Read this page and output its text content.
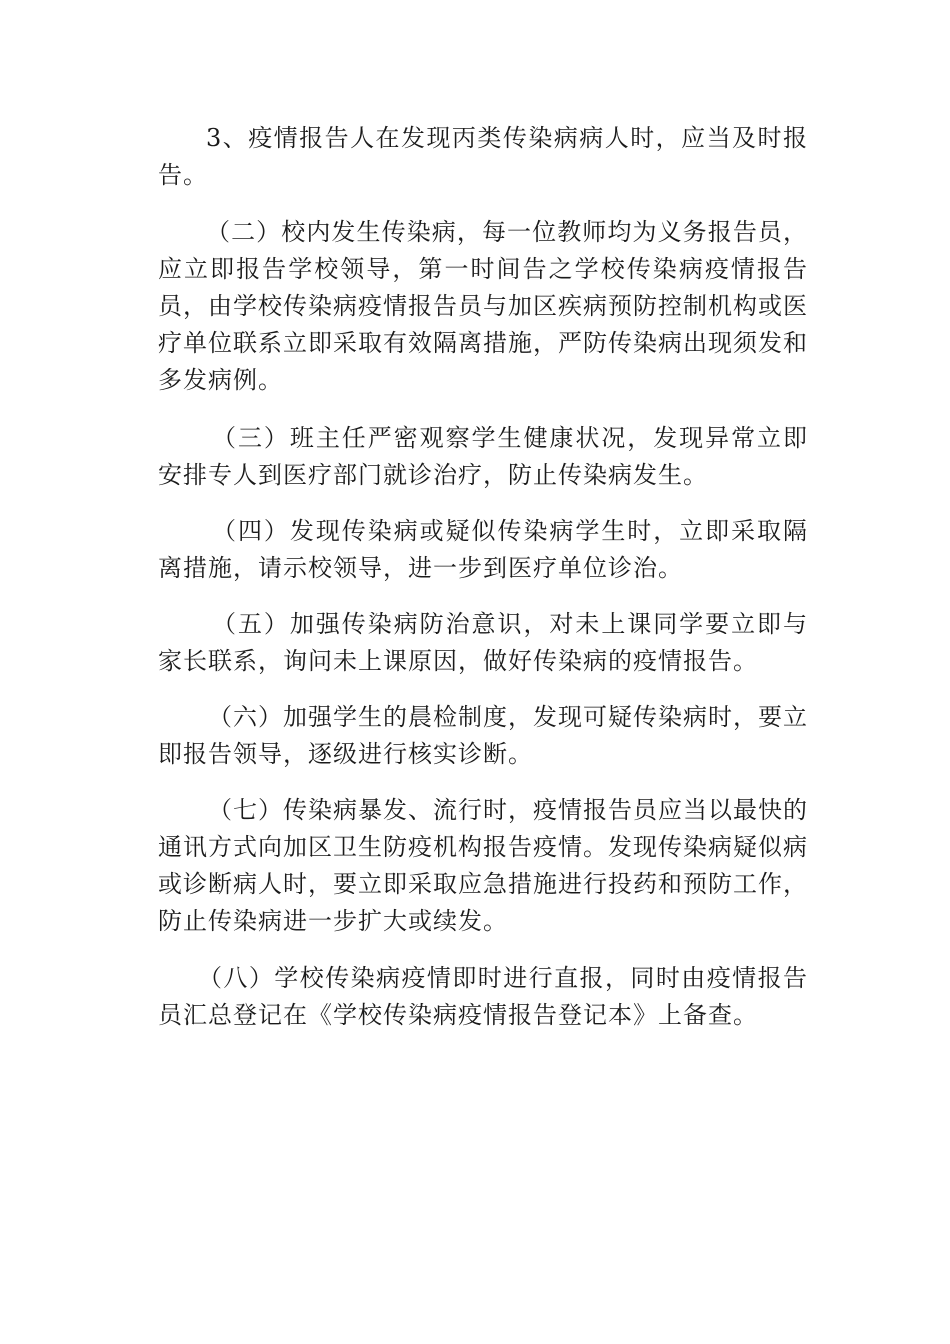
3、疫情报告人在发现丙类传染病病人时，应当及时报告。

（二）校内发生传染病，每一位教师均为义务报告员，应立即报告学校领导，第一时间告之学校传染病疫情报告员，由学校传染病疫情报告员与加区疾病预防控制机构或医疗单位联系立即采取有效隔离措施，严防传染病出现须发和多发病例。

（三）班主任严密观察学生健康状况，发现异常立即安排专人到医疗部门就诊治疗，防止传染病发生。

（四）发现传染病或疑似传染病学生时，立即采取隔离措施，请示校领导，进一步到医疗单位诊治。

（五）加强传染病防治意识，对未上课同学要立即与家长联系，询问未上课原因，做好传染病的疫情报告。

（六）加强学生的晨检制度，发现可疑传染病时，要立即报告领导，逐级进行核实诊断。

（七）传染病暴发、流行时，疫情报告员应当以最快的通讯方式向加区卫生防疫机构报告疫情。发现传染病疑似病或诊断病人时，要立即采取应急措施进行投药和预防工作，防止传染病进一步扩大或续发。

（八）学校传染病疫情即时进行直报，同时由疫情报告员汇总登记在《学校传染病疫情报告登记本》上备查。
